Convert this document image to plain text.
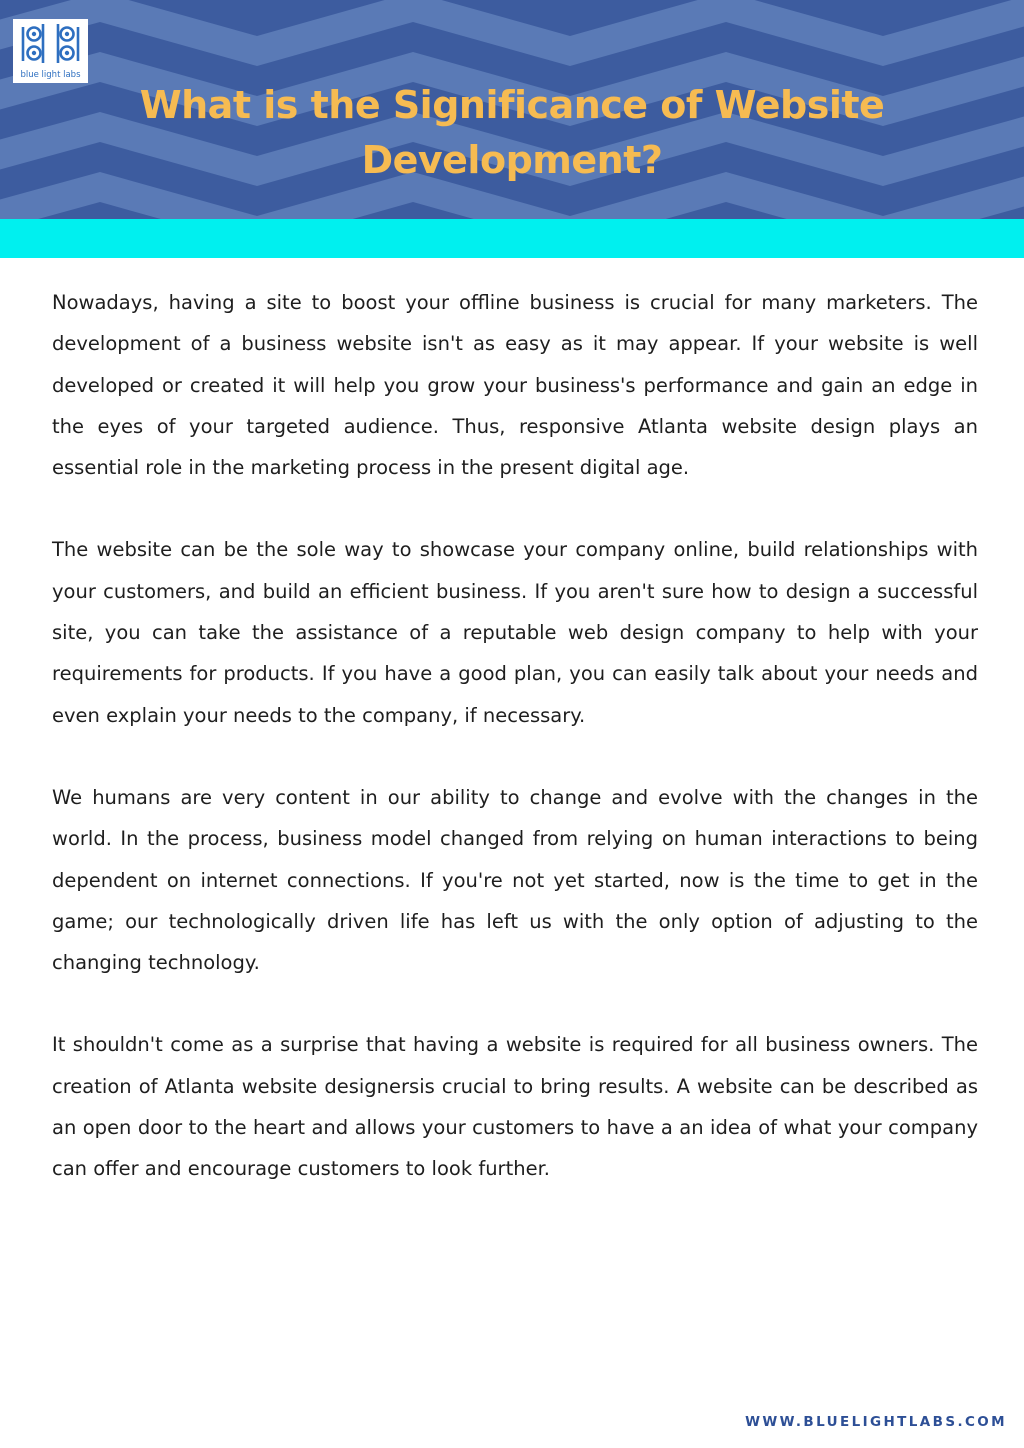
blue light labs
What is the Significance of Website
Development?

Nowadays, having a site to boost your offline business is crucial for many marketers. The development of a business website isn't as easy as it may appear. If your website is well developed or created it will help you grow your business's performance and gain an edge in the eyes of your targeted audience. Thus, responsive Atlanta website design plays an essential role in the marketing process in the present digital age.

The website can be the sole way to showcase your company online, build relationships with your customers, and build an efficient business. If you aren't sure how to design a successful site, you can take the assistance of a reputable web design company to help with your requirements for products. If you have a good plan, you can easily talk about your needs and even explain your needs to the company, if necessary.

We humans are very content in our ability to change and evolve with the changes in the world. In the process, business model changed from relying on human interactions to being dependent on internet connections. If you're not yet started, now is the time to get in the game; our technologically driven life has left us with the only option of adjusting to the changing technology.

It shouldn't come as a surprise that having a website is required for all business owners. The creation of Atlanta website designersis crucial to bring results. A website can be described as an open door to the heart and allows your customers to have a an idea of what your company can offer and encourage customers to look further.

WWW.BLUELIGHTLABS.COM
